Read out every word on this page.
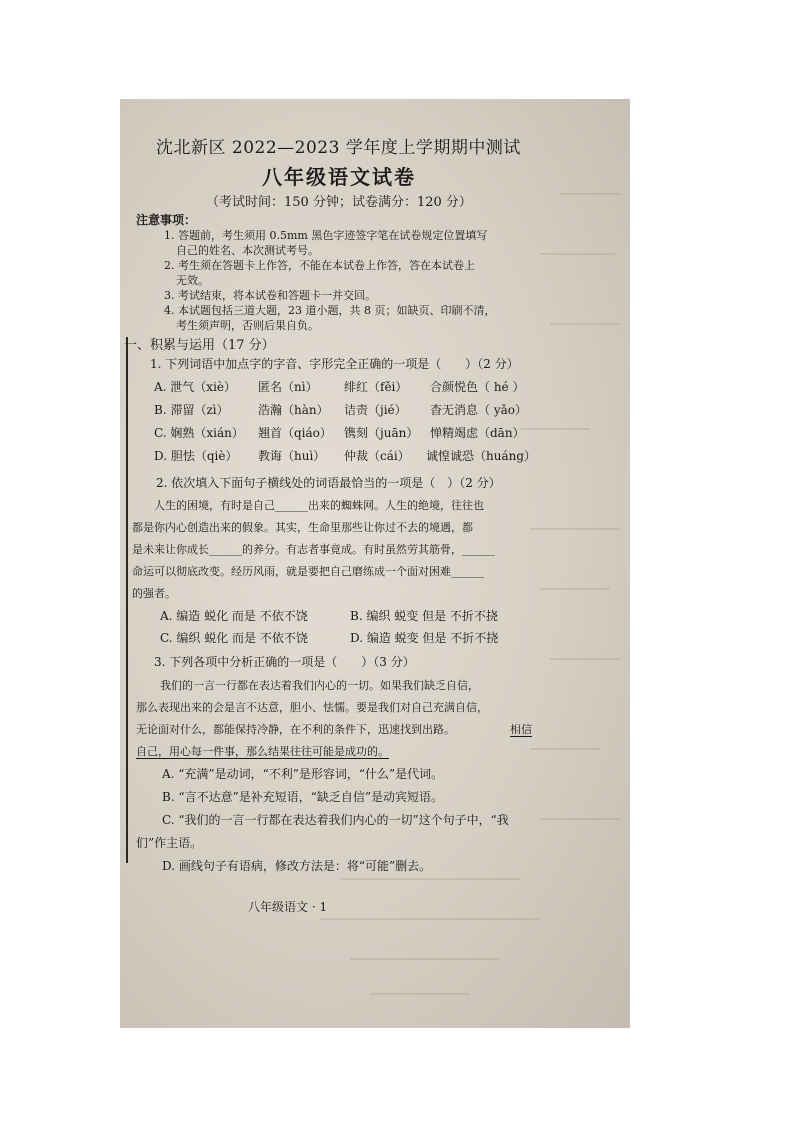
沈北新区 2022—2023 学年度上学期期中测试
八年级语文试卷
（考试时间：150 分钟；试卷满分：120 分）
注意事项：
1. 答题前，考生须用 0.5mm 黑色字迹签字笔在试卷规定位置填写
自己的姓名、本次测试考号。
2. 考生须在答题卡上作答，不能在本试卷上作答，答在本试卷上
无效。
3. 考试结束，将本试卷和答题卡一并交回。
4. 本试题包括三道大题，23 道小题，共 8 页；如缺页、印刷不清，
考生须声明，否则后果自负。
一、积累与运用（17 分）
1. 下列词语中加点字的字音、字形完全正确的一项是（　　）（2 分）
A. 泄气（xiè） 匿名（nì） 绯红（fěi） 合颜悦色（ hé ）
B. 滞留（zì） 浩瀚（hàn） 诘责（jié） 杳无消息（ yǎo）
C. 娴熟（xián） 翘首（qiáo） 镌刻（juān） 惮精竭虑（dān）
D. 胆怯（qiè） 教诲（huì） 仲裁（cái） 诚惶诚恐（huáng）
2. 依次填入下面句子横线处的词语最恰当的一项是（　）（2 分）
人生的困境，有时是自己______出来的蜘蛛网。人生的绝境，往往也
都是你内心创造出来的假象。其实，生命里那些让你过不去的境遇，都
是未来让你成长______的养分。有志者事竟成。有时虽然劳其筋骨，______
命运可以彻底改变。经历风雨，就是要把自己磨练成一个面对困难______
的强者。
A. 编造 蜕化 而是 不依不饶	B. 编织 蜕变 但是 不折不挠
C. 编织 蜕化 而是 不依不饶	D. 编造 蜕变 但是 不折不挠
3. 下列各项中分析正确的一项是（　　）（3 分）
我们的一言一行都在表达着我们内心的一切。如果我们缺乏自信，
那么表现出来的会是言不达意，胆小、怯懦。要是我们对自己充满自信，
无论面对什么，都能保持冷静，在不利的条件下，迅速找到出路。	相信
自己，用心每一件事，那么结果往往可能是成功的。
A. “充满”是动词，“不利”是形容词，“什么”是代词。
B. “言不达意”是补充短语，“缺乏自信”是动宾短语。
C. “我们的一言一行都在表达着我们内心的一切”这个句子中，“我
们”作主语。
D. 画线句子有语病，修改方法是：将“可能”删去。
八年级语文 · 1
